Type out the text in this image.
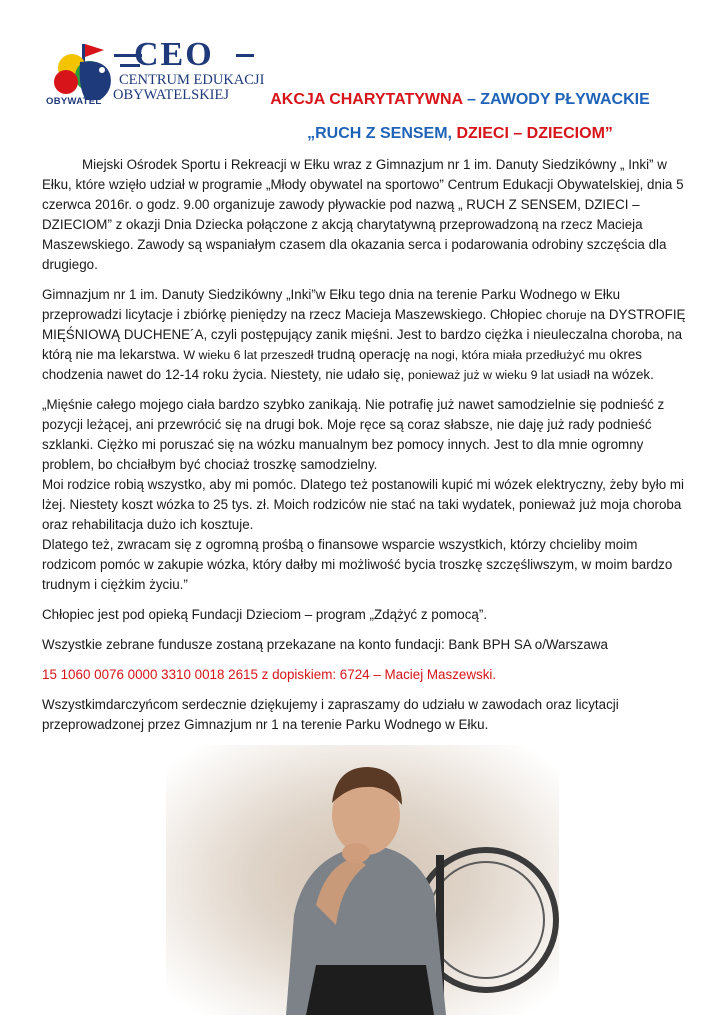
CEO
CENTRUM EDUKACJI
OBYWATELSKIEJ
OBYWATEL	AKCJA CHARYTATYWNA – ZAWODY PŁYWACKIE
„RUCH Z SENSEM, DZIECI – DZIECIOM”

Miejski Ośrodek Sportu i Rekreacji w Ełku wraz z Gimnazjum nr 1 im. Danuty Siedzikówny „ Inki” w Ełku, które wzięło udział w programie „Młody obywatel na sportowo” Centrum Edukacji Obywatelskiej, dnia 5 czerwca 2016r. o godz. 9.00 organizuje zawody pływackie pod nazwą „ RUCH Z SENSEM, DZIECI – DZIECIOM” z okazji Dnia Dziecka połączone z akcją charytatywną przeprowadzoną na rzecz Macieja Maszewskiego. Zawody są wspaniałym czasem dla okazania serca i podarowania odrobiny szczęścia dla drugiego.

Gimnazjum nr 1 im. Danuty Siedzikówny „Inki”w Ełku tego dnia na terenie Parku Wodnego w Ełku przeprowadzi licytacje i zbiórkę pieniędzy na rzecz Macieja Maszewskiego. Chłopiec choruje na DYSTROFIĘ MIĘŚNIOWĄ DUCHENE´A, czyli postępujący zanik mięśni. Jest to bardzo ciężka i nieuleczalna choroba, na którą nie ma lekarstwa. W wieku 6 lat przeszedł trudną operację na nogi, która miała przedłużyć mu okres chodzenia nawet do 12-14 roku życia. Niestety, nie udało się, ponieważ już w wieku 9 lat usiadł na wózek.

„Mięśnie całego mojego ciała bardzo szybko zanikają. Nie potrafię już nawet samodzielnie się podnieść z pozycji leżącej, ani przewrócić się na drugi bok. Moje ręce są coraz słabsze, nie daję już rady podnieść szklanki. Ciężko mi poruszać się na wózku manualnym bez pomocy innych. Jest to dla mnie ogromny problem, bo chciałbym być chociaż troszkę samodzielny.

Moi rodzice robią wszystko, aby mi pomóc. Dlatego też postanowili kupić mi wózek elektryczny, żeby było mi lżej. Niestety koszt wózka to 25 tys. zł. Moich rodziców nie stać na taki wydatek, ponieważ już moja choroba oraz rehabilitacja dużo ich kosztuje.

Dlatego też, zwracam się z ogromną prośbą o finansowe wsparcie wszystkich, którzy chcieliby moim rodzicom pomóc w zakupie wózka, który dałby mi możliwość bycia troszkę szczęśliwszym, w moim bardzo trudnym i ciężkim życiu.”

Chłopiec jest pod opieką Fundacji Dzieciom – program „Zdążyć z pomocą”.

Wszystkie zebrane fundusze zostaną przekazane na konto fundacji: Bank BPH SA o/Warszawa

15 1060 0076 0000 3310 0018 2615 z dopiskiem: 6724 – Maciej Maszewski.

Wszystkimdarczyńcom serdecznie dziękujemy i zapraszamy do udziału w zawodach oraz licytacji przeprowadzonej przez Gimnazjum nr 1 na terenie Parku Wodnego w Ełku.
